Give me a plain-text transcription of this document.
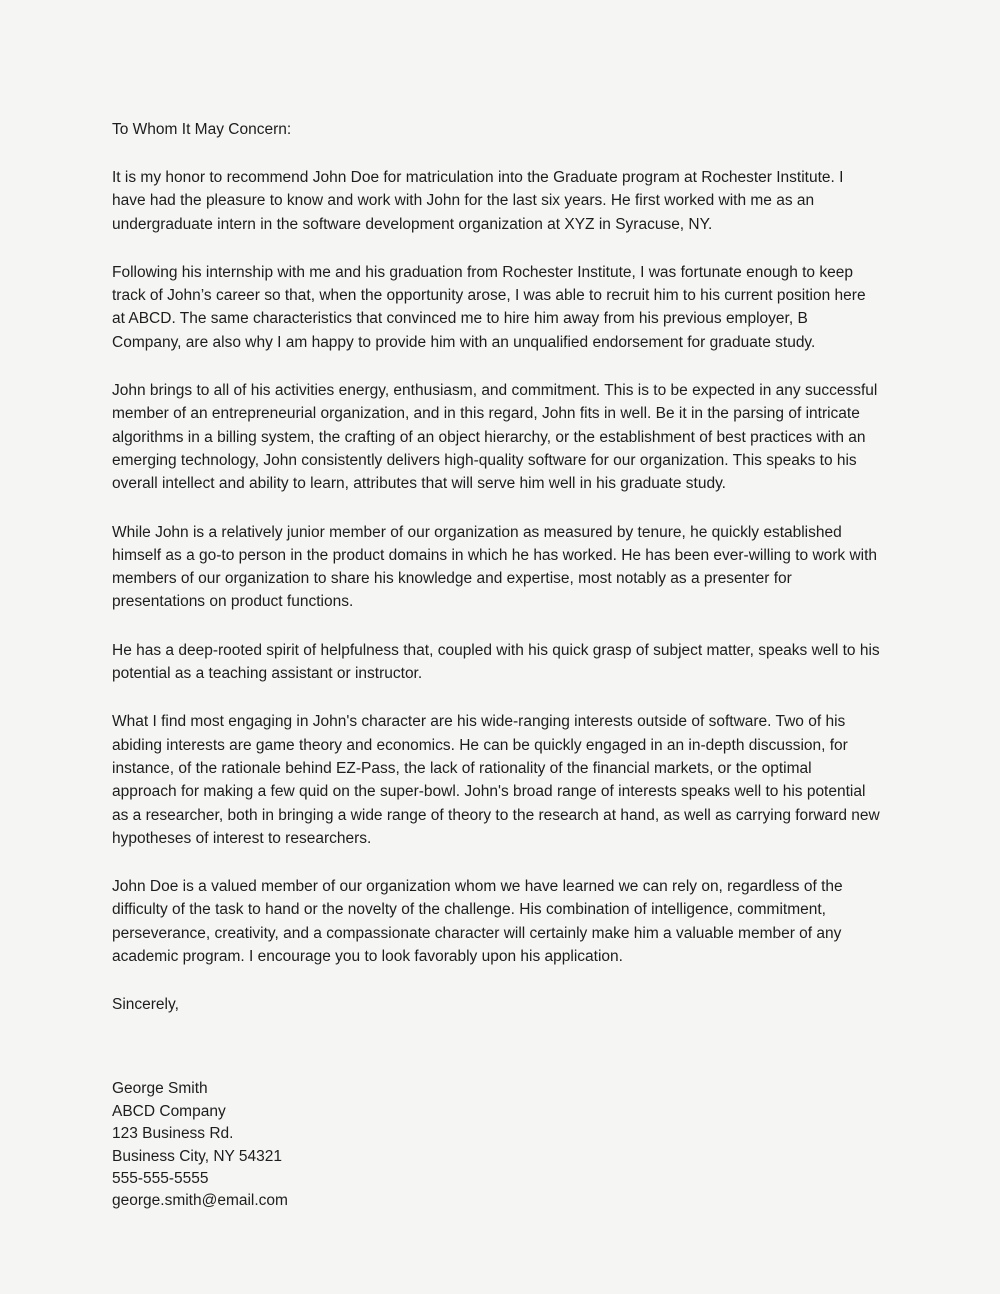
To Whom It May Concern:

It is my honor to recommend John Doe for matriculation into the Graduate program at Rochester Institute. I have had the pleasure to know and work with John for the last six years. He first worked with me as an undergraduate intern in the software development organization at XYZ in Syracuse, NY.

Following his internship with me and his graduation from Rochester Institute, I was fortunate enough to keep track of John’s career so that, when the opportunity arose, I was able to recruit him to his current position here at ABCD. The same characteristics that convinced me to hire him away from his previous employer, B Company, are also why I am happy to provide him with an unqualified endorsement for graduate study.

John brings to all of his activities energy, enthusiasm, and commitment. This is to be expected in any successful member of an entrepreneurial organization, and in this regard, John fits in well. Be it in the parsing of intricate algorithms in a billing system, the crafting of an object hierarchy, or the establishment of best practices with an emerging technology, John consistently delivers high-quality software for our organization. This speaks to his overall intellect and ability to learn, attributes that will serve him well in his graduate study.

While John is a relatively junior member of our organization as measured by tenure, he quickly established himself as a go-to person in the product domains in which he has worked. He has been ever-willing to work with members of our organization to share his knowledge and expertise, most notably as a presenter for presentations on product functions.

He has a deep-rooted spirit of helpfulness that, coupled with his quick grasp of subject matter, speaks well to his potential as a teaching assistant or instructor.

What I find most engaging in John's character are his wide-ranging interests outside of software. Two of his abiding interests are game theory and economics. He can be quickly engaged in an in-depth discussion, for instance, of the rationale behind EZ-Pass, the lack of rationality of the financial markets, or the optimal approach for making a few quid on the super-bowl. John's broad range of interests speaks well to his potential as a researcher, both in bringing a wide range of theory to the research at hand, as well as carrying forward new hypotheses of interest to researchers.

John Doe is a valued member of our organization whom we have learned we can rely on, regardless of the difficulty of the task to hand or the novelty of the challenge. His combination of intelligence, commitment, perseverance, creativity, and a compassionate character will certainly make him a valuable member of any academic program. I encourage you to look favorably upon his application.

Sincerely,

George Smith
ABCD Company
123 Business Rd.
Business City, NY 54321
555-555-5555
george.smith@email.com
